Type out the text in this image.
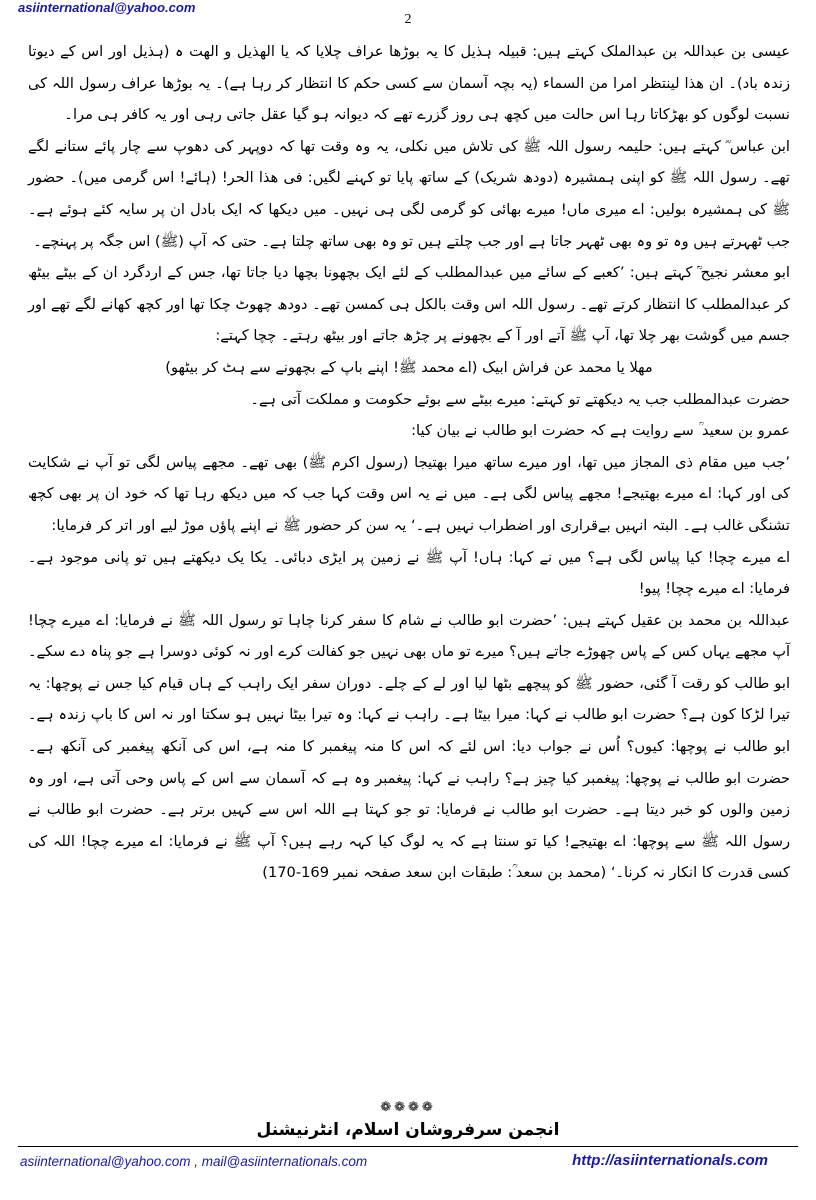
asiinternational@yahoo.com
2

عیسی بن عبداللہ بن عبدالملک کہتے ہیں: قبیلہ ہذیل کا یہ بوڑھا عراف چلایا کہ یا الھذیل و الھت ہ (ہذیل اور اس کے دیوتا زندہ باد)۔ ان ھذا لینتظر امرا من السماء (یہ بچہ آسمان سے کسی حکم کا انتظار کر رہا ہے)۔ یہ بوڑھا عراف رسول اللہ کی نسبت لوگوں کو بھڑکاتا رہا اس حالت میں کچھ ہی روز گزرے تھے کہ دیوانہ ہو گیا عقل جاتی رہی اور یہ کافر ہی مرا۔

ابن عباس ؓ کہتے ہیں: حلیمہ رسول اللہ ﷺ کی تلاش میں نکلی، یہ وہ وقت تھا کہ دوپہر کی دھوپ سے چار پائے ستانے لگے تھے۔ رسول اللہ ﷺ کو اپنی ہمشیرہ (دودھ شریک) کے ساتھ پایا تو کہنے لگیں: فی ھذا الحر! (ہائے! اس گرمی میں)۔ حضور ﷺ کی ہمشیرہ بولیں: اے میری ماں! میرے بھائی کو گرمی لگی ہی نہیں۔ میں دیکھا کہ ایک بادل ان پر سایہ کئے ہوئے ہے۔ جب ٹھہرتے ہیں وہ تو وہ بھی ٹھہر جاتا ہے اور جب چلتے ہیں تو وہ بھی ساتھ چلتا ہے۔ حتی کہ آپ (ﷺ) اس جگہ پر پہنچے۔

ابو معشر نجیح ؒ کہتے ہیں: ’کعبے کے سائے میں عبدالمطلب کے لئے ایک بچھونا بچھا دیا جاتا تھا، جس کے اردگرد ان کے بیٹے بیٹھ کر عبدالمطلب کا انتظار کرتے تھے۔ رسول اللہ اس وقت بالکل ہی کمسن تھے۔ دودھ چھوٹ چکا تھا اور کچھ کھانے لگے تھے اور جسم میں گوشت بھر چلا تھا، آپ ﷺ آتے اور آ کے بچھونے پر چڑھ جاتے اور بیٹھ رہتے۔ چچا کہتے:

مھلا یا محمد عن فراش ابیک (اے محمد ﷺ! اپنے باپ کے بچھونے سے ہٹ کر بیٹھو)

حضرت عبدالمطلب جب یہ دیکھتے تو کہتے: میرے بیٹے سے بوئے حکومت و مملکت آتی ہے۔

عمرو بن سعید ؒ سے روایت ہے کہ حضرت ابو طالب نے بیان کیا:

’جب میں مقام ذی المجاز میں تھا، اور میرے ساتھ میرا بھتیجا (رسول اکرم ﷺ) بھی تھے۔ مجھے پیاس لگی تو آپ نے شکایت کی اور کہا: اے میرے بھتیجے! مجھے پیاس لگی ہے۔ میں نے یہ اس وقت کہا جب کہ میں دیکھ رہا تھا کہ خود ان پر بھی کچھ تشنگی غالب ہے۔ البتہ انہیں بےقراری اور اضطراب نہیں ہے۔‘ یہ سن کر حضور ﷺ نے اپنے پاؤں موڑ لیے اور اتر کر فرمایا:

اے میرے چچا! کیا پیاس لگی ہے؟ میں نے کہا: ہاں! آپ ﷺ نے زمین پر ایڑی دبائی۔ یکا یک دیکھتے ہیں تو پانی موجود ہے۔ فرمایا: اے میرے چچا! پیو!

عبداللہ بن محمد بن عقیل کہتے ہیں: ’حضرت ابو طالب نے شام کا سفر کرنا چاہا تو رسول اللہ ﷺ نے فرمایا: اے میرے چچا! آپ مجھے یہاں کس کے پاس چھوڑے جاتے ہیں؟ میرے تو ماں بھی نہیں جو کفالت کرے اور نہ کوئی دوسرا ہے جو پناہ دے سکے۔ ابو طالب کو رقت آ گئی، حضور ﷺ کو پیچھے بٹھا لیا اور لے کے چلے۔ دوران سفر ایک راہب کے ہاں قیام کیا جس نے پوچھا: یہ تیرا لڑکا کون ہے؟ حضرت ابو طالب نے کہا: میرا بیٹا ہے۔ راہب نے کہا: وہ تیرا بیٹا نہیں ہو سکتا اور نہ اس کا باپ زندہ ہے۔ ابو طالب نے پوچھا: کیوں؟ اُس نے جواب دیا: اس لئے کہ اس کا منہ پیغمبر کا منہ ہے، اس کی آنکھ پیغمبر کی آنکھ ہے۔ حضرت ابو طالب نے پوچھا: پیغمبر کیا چیز ہے؟ راہب نے کہا: پیغمبر وہ ہے کہ آسمان سے اس کے پاس وحی آتی ہے، اور وہ زمین والوں کو خبر دیتا ہے۔ حضرت ابو طالب نے فرمایا: تو جو کہتا ہے اللہ اس سے کہیں برتر ہے۔ حضرت ابو طالب نے رسول اللہ ﷺ سے پوچھا: اے بھتیجے! کیا تو سنتا ہے کہ یہ لوگ کیا کہہ رہے ہیں؟ آپ ﷺ نے فرمایا: اے میرے چچا! اللہ کی کسی قدرت کا انکار نہ کرنا۔‘ (محمد بن سعد ؒ: طبقات ابن سعد صفحہ نمبر 169-170)

❁❁❁❁
انجمن سرفروشان اسلام، انٹرنیشنل
asiinternational@yahoo.com , mail@asiinternationals.com	http://asiinternationals.com
